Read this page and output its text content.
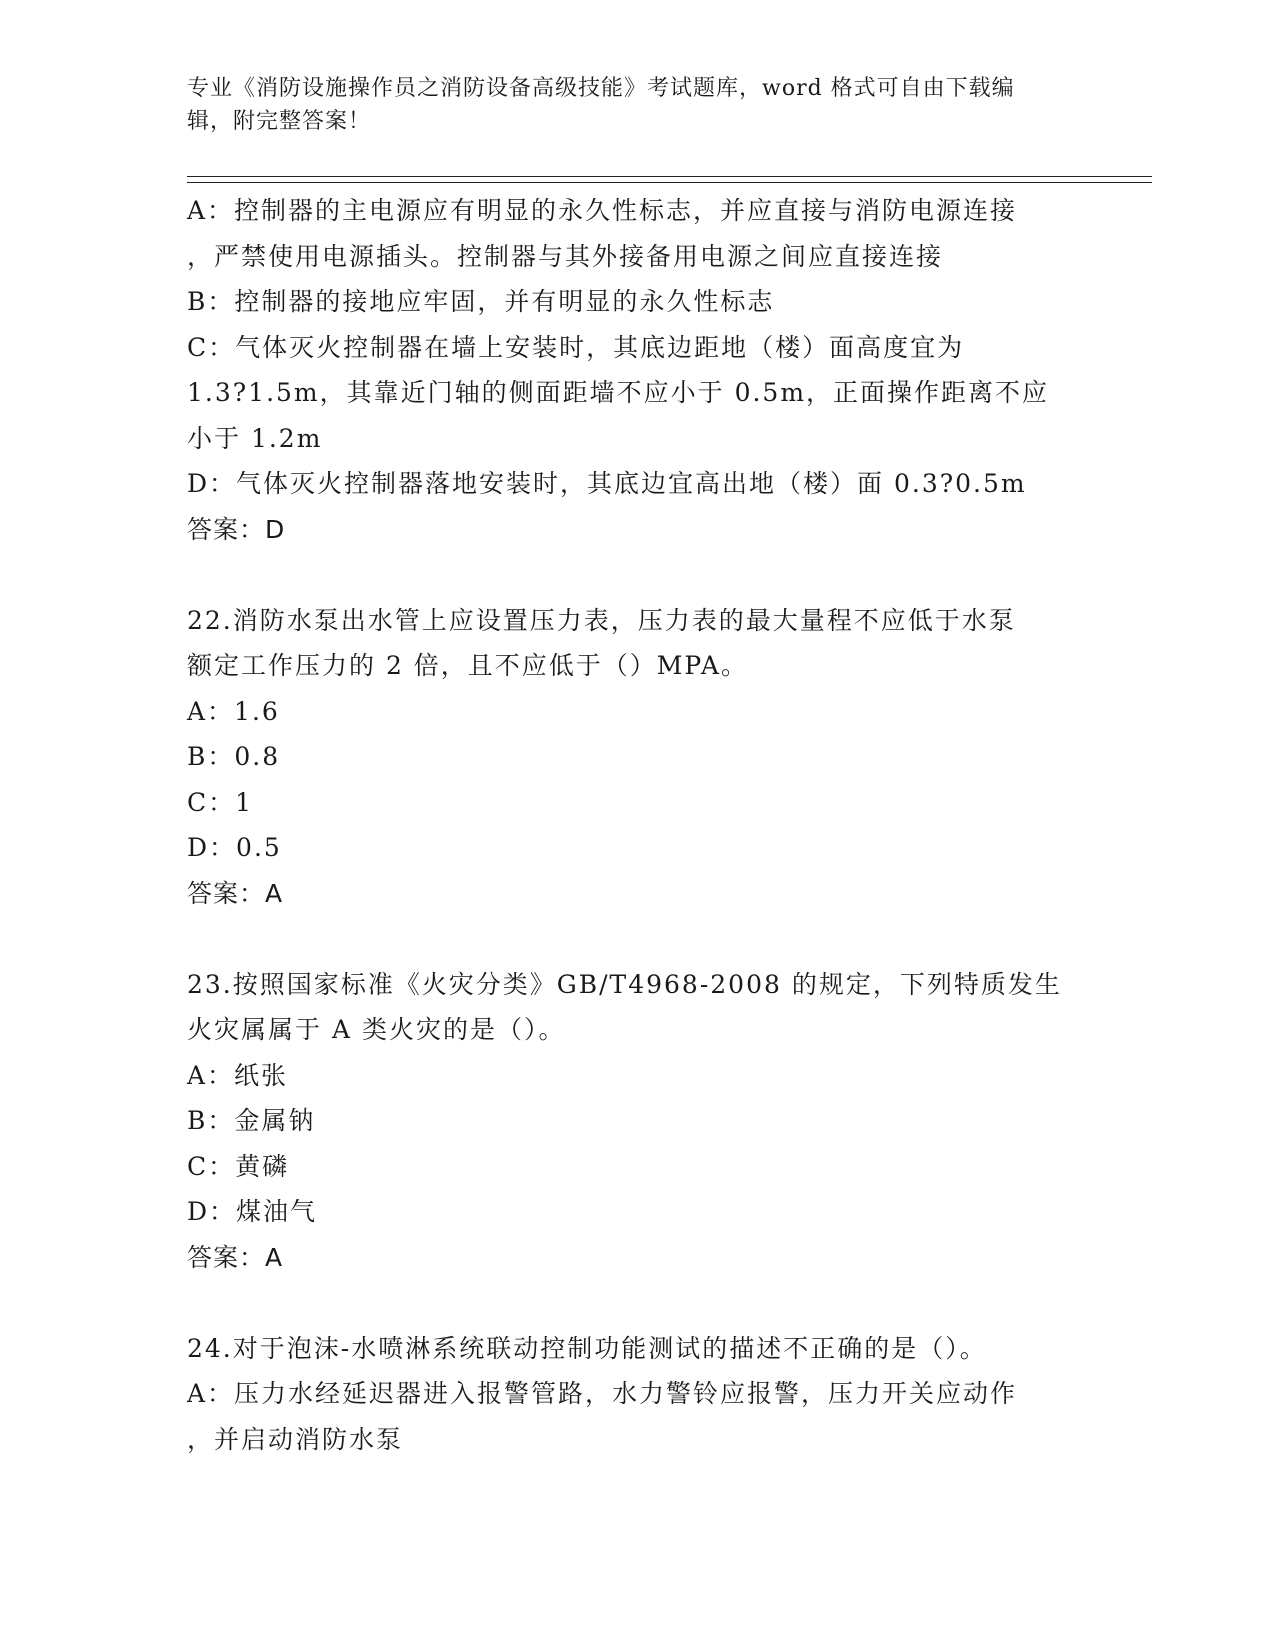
专业《消防设施操作员之消防设备高级技能》考试题库，word 格式可自由下载编
辑，附完整答案！
A：控制器的主电源应有明显的永久性标志，并应直接与消防电源连接
，严禁使用电源插头。控制器与其外接备用电源之间应直接连接
B：控制器的接地应牢固，并有明显的永久性标志
C：气体灭火控制器在墙上安装时，其底边距地（楼）面高度宜为
1.3?1.5m，其靠近门轴的侧面距墙不应小于 0.5m，正面操作距离不应
小于 1.2m
D：气体灭火控制器落地安装时，其底边宜高出地（楼）面 0.3?0.5m
答案：D
22.消防水泵出水管上应设置压力表，压力表的最大量程不应低于水泵
额定工作压力的 2 倍，且不应低于（）MPA。
A：1.6
B：0.8
C：1
D：0.5
答案：A
23.按照国家标准《火灾分类》GB/T4968-2008 的规定，下列特质发生
火灾属属于 A 类火灾的是（）。
A：纸张
B：金属钠
C：黄磷
D：煤油气
答案：A
24.对于泡沫-水喷淋系统联动控制功能测试的描述不正确的是（）。
A：压力水经延迟器进入报警管路，水力警铃应报警，压力开关应动作
，并启动消防水泵
